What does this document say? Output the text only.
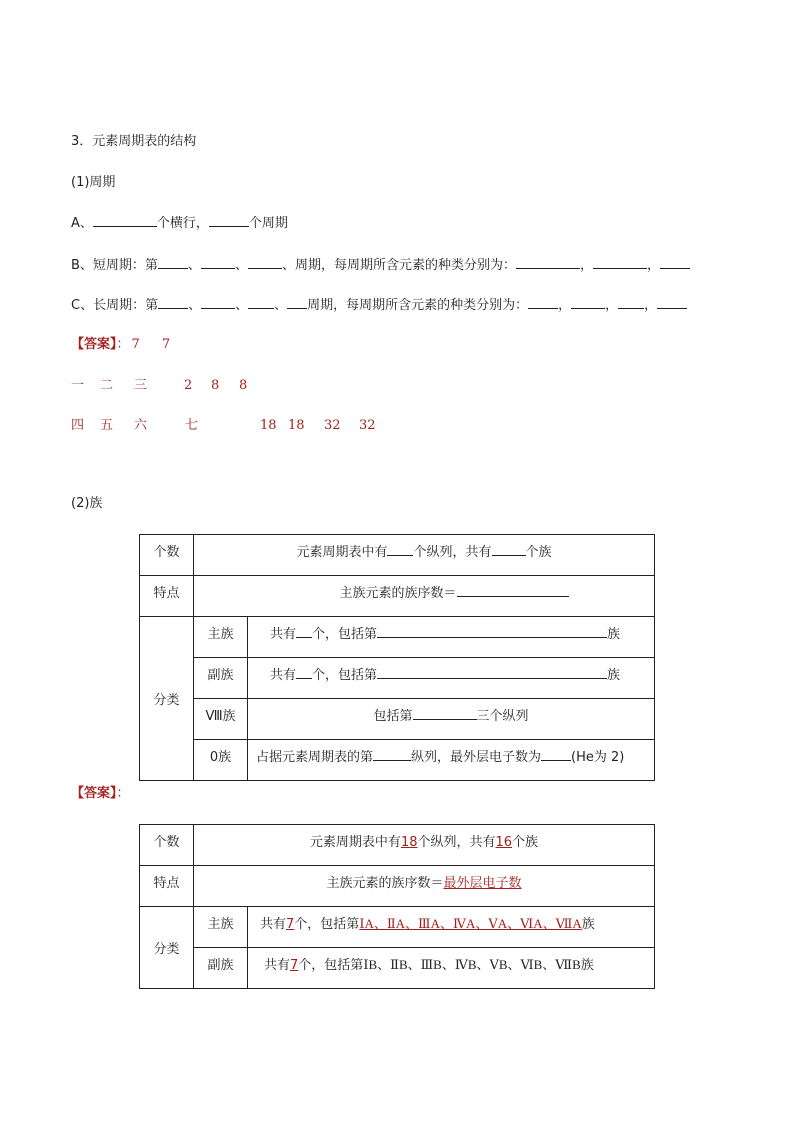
3．元素周期表的结构
(1)周期
A、	个横行，	个周期
B、短周期：第 、	、	、周期，每周期所含元素的种类分别为：	，	，
C、长周期：第 、	、 、 周期，每周期所含元素的种类分别为： ，	， ，
【答案】： 7 7
一 二 三	2 8 8
四 五 六	七	18 18 32 32
(2)族
个数	元素周期表中有 个纵列，共有 个族	
特点	主族元素的族序数＝	
分类	主族	共有 个，包括第 族
	副族	共有 个，包括第 族
	Ⅷ族	包括第 三个纵列
	0族	占据元素周期表的第 纵列，最外层电子数为 (He为 2)
【答案】：
个数	元素周期表中有18个纵列，共有16个族	
特点	主族元素的族序数＝最外层电子数	
分类	主族	共有7个，包括第ⅠA、ⅡA、ⅢA、ⅣA、ⅤA、ⅥA、ⅦA族
	副族	共有7个，包括第ⅠB、ⅡB、ⅢB、ⅣB、ⅤB、ⅥB、ⅦB族
